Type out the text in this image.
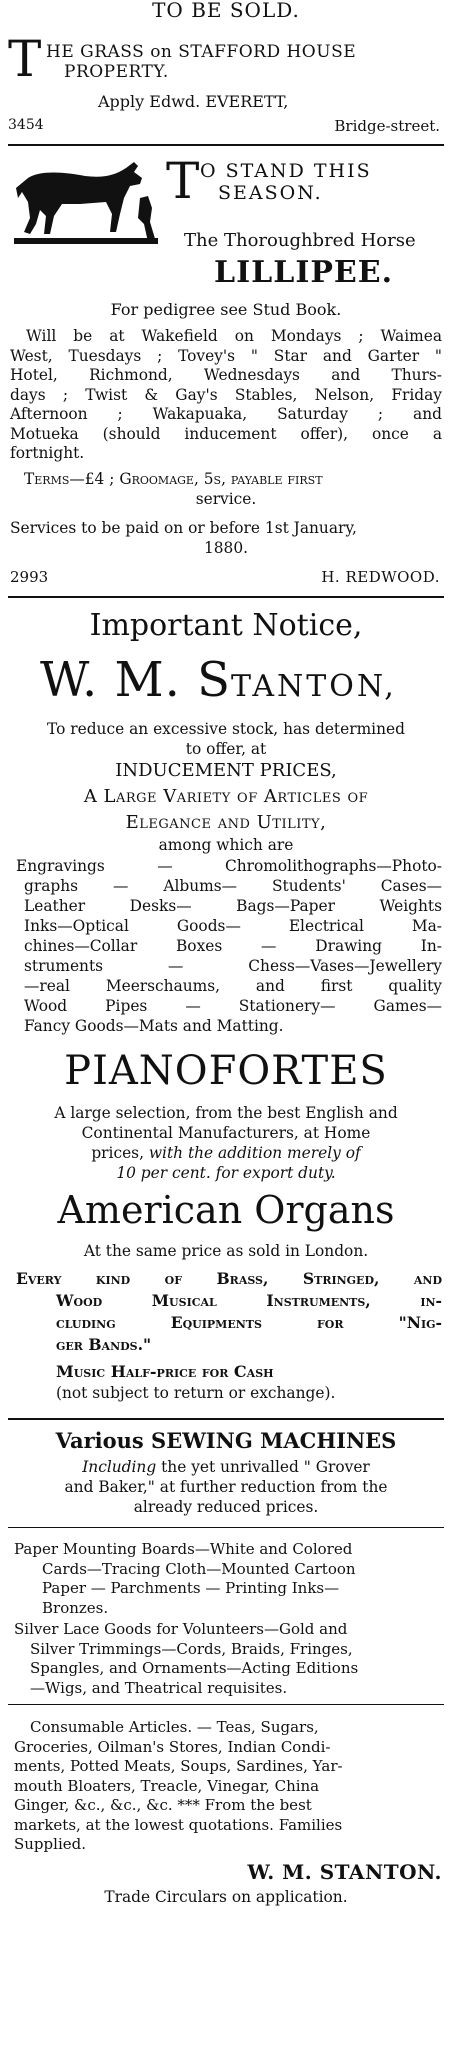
TO BE SOLD.
T HE GRASS on STAFFORD HOUSE
PROPERTY.
Apply Edwd. EVERETT,
3454	Bridge-street.
T O STAND THIS
SEASON.
The Thoroughbred Horse
LILLIPEE.
For pedigree see Stud Book.
Will be at Wakefield on Mondays ; Waimea
West, Tuesdays ; Tovey's " Star and Garter "
Hotel, Richmond, Wednesdays and Thurs-
days ; Twist & Gay's Stables, Nelson, Friday
Afternoon ; Wakapuaka, Saturday ; and
Motueka (should inducement offer), once a
fortnight.
Terms—£4 ; Groomage, 5s, payable first
service.
Services to be paid on or before 1st January,
1880.
2993	H. REDWOOD.
Important Notice,
W. M. STANTON,
To reduce an excessive stock, has determined
to offer, at
INDUCEMENT PRICES,
A Large Variety of Articles of
Elegance and Utility,
among which are
Engravings — Chromolithographs—Photo-
graphs — Albums— Students' Cases—
Leather Desks— Bags—Paper Weights
Inks—Optical Goods— Electrical Ma-
chines—Collar Boxes — Drawing In-
struments — Chess—Vases—Jewellery
—real Meerschaums, and first quality
Wood Pipes — Stationery— Games—
Fancy Goods—Mats and Matting.
PIANOFORTES
A large selection, from the best English and
Continental Manufacturers, at Home
prices, with the addition merely of
10 per cent. for export duty.
American Organs
At the same price as sold in London.
Every kind of Brass, Stringed, and
Wood Musical Instruments, in-
cluding Equipments for "Nig-
ger Bands."
Music Half-price for Cash
(not subject to return or exchange).
Various SEWING MACHINES
Including the yet unrivalled " Grover
and Baker," at further reduction from the
already reduced prices.
Paper Mounting Boards—White and Colored
Cards—Tracing Cloth—Mounted Cartoon
Paper — Parchments — Printing Inks—
Bronzes.
Silver Lace Goods for Volunteers—Gold and
Silver Trimmings—Cords, Braids, Fringes,
Spangles, and Ornaments—Acting Editions
—Wigs, and Theatrical requisites.
Consumable Articles. — Teas, Sugars,
Groceries, Oilman's Stores, Indian Condi-
ments, Potted Meats, Soups, Sardines, Yar-
mouth Bloaters, Treacle, Vinegar, China
Ginger, &c., &c., &c. *** From the best
markets, at the lowest quotations. Families
Supplied.
W. M. STANTON.
Trade Circulars on application.
